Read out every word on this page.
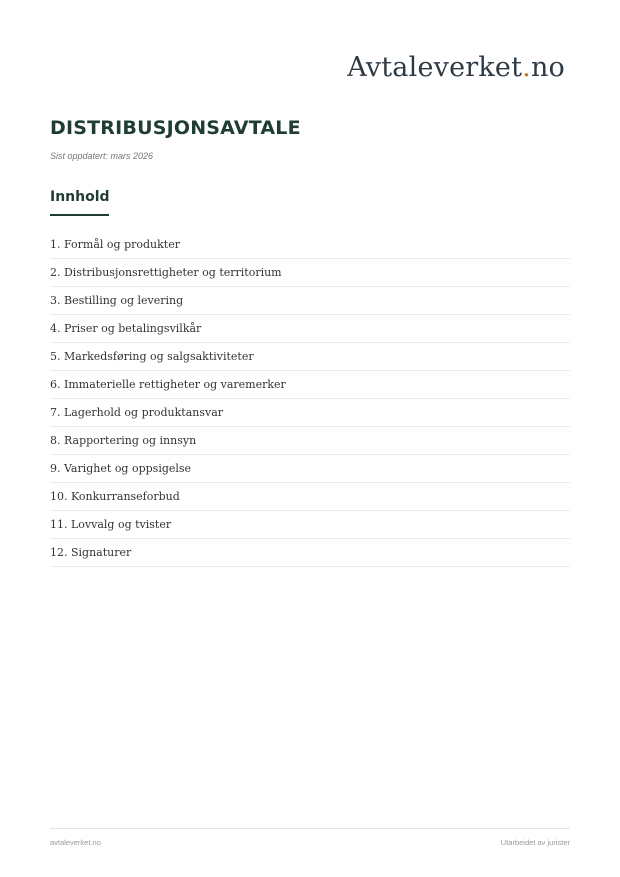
Avtaleverket.no
DISTRIBUSJONSAVTALE
Sist oppdatert: mars 2026
Innhold
1. Formål og produkter
2. Distribusjonsrettigheter og territorium
3. Bestilling og levering
4. Priser og betalingsvilkår
5. Markedsføring og salgsaktiviteter
6. Immaterielle rettigheter og varemerker
7. Lagerhold og produktansvar
8. Rapportering og innsyn
9. Varighet og oppsigelse
10. Konkurranseforbud
11. Lovvalg og tvister
12. Signaturer
avtaleverket.no	Utarbeidet av jurister
